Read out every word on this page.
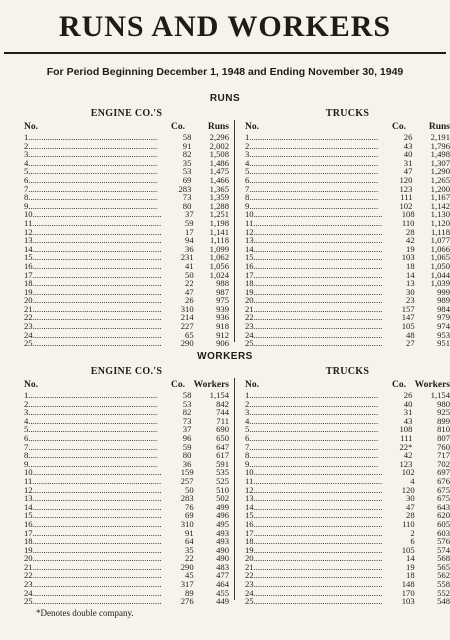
RUNS AND WORKERS
For Period Beginning December 1, 1948 and Ending November 30, 1949
RUNS
ENGINE CO.'S
No.	Co.	Runs
1............................................................	58	2,296
2............................................................	91	2,002
3............................................................	82	1,508
4............................................................	35	1,486
5............................................................	53	1,475
6............................................................	69	1,466
7............................................................	283	1,365
8............................................................	73	1,359
9............................................................	80	1,288
10............................................................	37	1,251
11............................................................	59	1,198
12............................................................	17	1,141
13............................................................	94	1,118
14............................................................	36	1,099
15............................................................	231	1,062
16............................................................	41	1,056
17............................................................	50	1,024
18............................................................	22	988
19............................................................	47	987
20............................................................	26	975
21............................................................	310	939
22............................................................	214	936
23............................................................	227	918
24............................................................	65	912
25............................................................	290	906
TRUCKS
No.	Co.	Runs
1............................................................	26	2,191
2............................................................	43	1,796
3............................................................	40	1,498
4............................................................	31	1,307
5............................................................	47	1,290
6............................................................	120	1,265
7............................................................	123	1,200
8............................................................	111	1,167
9............................................................	102	1,142
10............................................................	108	1,130
11............................................................	110	1,120
12............................................................	28	1,118
13............................................................	42	1,077
14............................................................	19	1,066
15............................................................	103	1,065
16............................................................	18	1,050
17............................................................	14	1,044
18............................................................	13	1,039
19............................................................	30	999
20............................................................	23	989
21............................................................	157	984
22............................................................	147	979
23............................................................	105	974
24............................................................	48	953
25............................................................	27	951
WORKERS
ENGINE CO.'S
No.	Co. Workers
1............................................................	58	1,154
2............................................................	53	842
3............................................................	82	744
4............................................................	73	711
5............................................................	37	690
6............................................................	96	650
7............................................................	59	647
8............................................................	80	617
9............................................................	36	591
10............................................................	159	535
11............................................................	257	525
12............................................................	50	510
13............................................................	283	502
14............................................................	76	499
15............................................................	69	496
16............................................................	310	495
17............................................................	91	493
18............................................................	64	493
19............................................................	35	490
20............................................................	22	490
21............................................................	290	483
22............................................................	45	477
23............................................................	317	464
24............................................................	89	455
25............................................................	276	449
TRUCKS
No.	Co. Workers
1............................................................	26	1,154
2............................................................	40	980
3............................................................	31	925
4............................................................	43	899
5............................................................	108	810
6............................................................	111	807
7............................................................	22*	760
8............................................................	42	717
9............................................................	123	702
10............................................................	102	697
11............................................................	4	676
12............................................................	120	675
13............................................................	30	675
14............................................................	47	643
15............................................................	28	620
16............................................................	110	605
17............................................................	2	603
18............................................................	6	576
19............................................................	105	574
20............................................................	14	568
21............................................................	19	565
22............................................................	18	562
23............................................................	148	558
24............................................................	170	552
25............................................................	103	548
*Denotes double company.
